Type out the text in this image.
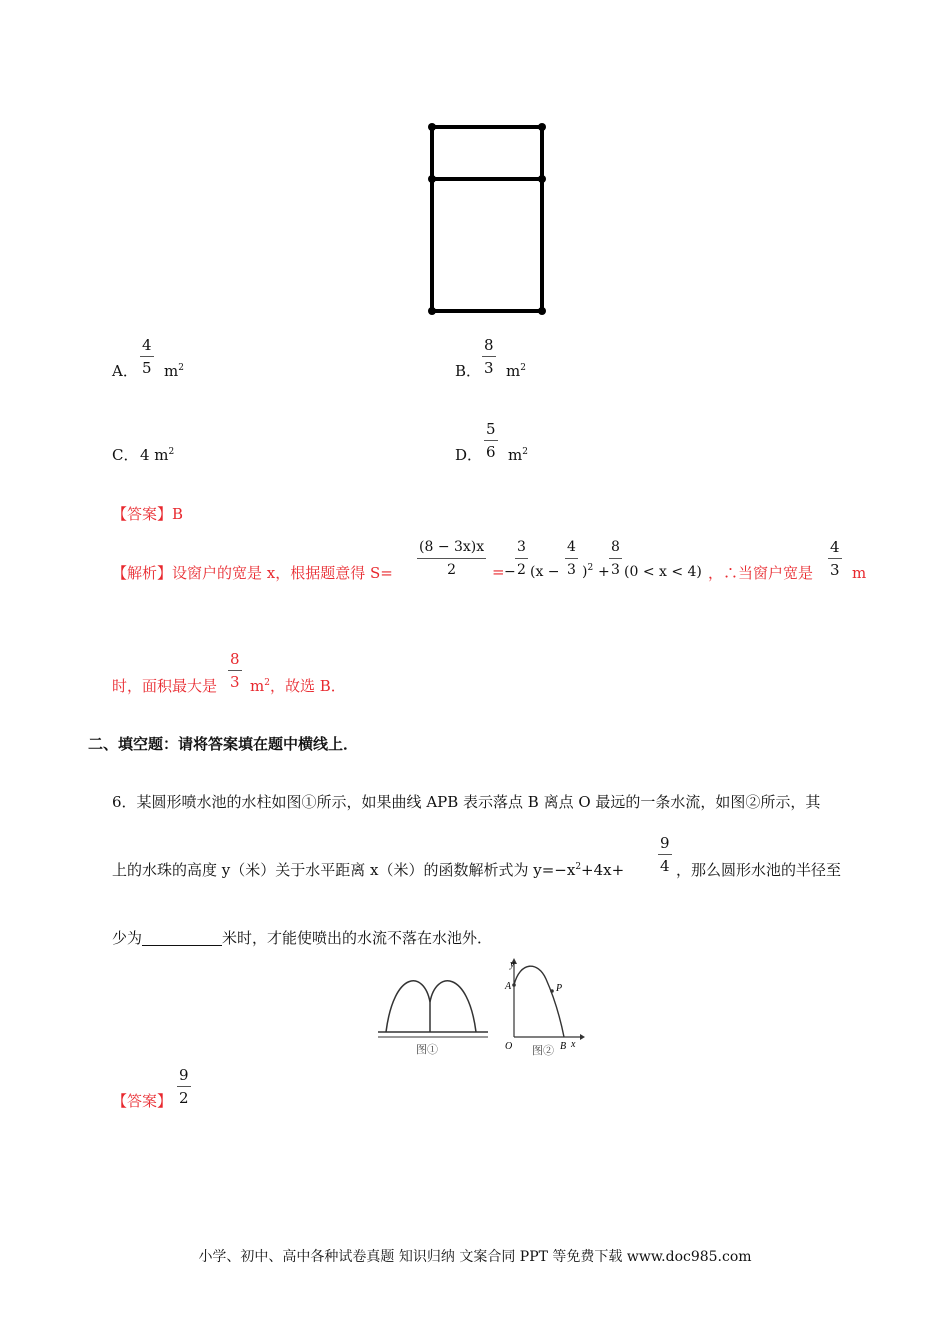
A．
4
5 $m^2$	B．
8
3 $m^2$
C． 4 $m^2$	D．
5
6 $m^2$
【答案】B
【解析】设窗户的宽是 x，根据题意得 S=
(8 − 3x)x
2	= −
3
2 (x −
4
3 )$^2$ +
8
3 (0 < x < 4) ，∴当窗户宽是
4
3 m
时，面积最大是
8
3 $m^2$，故选 B．
二、填空题：请将答案填在题中横线上．
6．某圆形喷水池的水柱如图①所示，如果曲线 APB 表示落点 B 离点 O 最远的一条水流，如图②所示，其
上的水珠的高度 y（米）关于水平距离 x（米）的函数解析式为 $y=-x^2+4x+$
9
4 ，那么圆形水池的半径至
少为	米时，才能使喷出的水流不落在水池外．
图①
y
A	P
O	B x
图②
【答案】
9
2
小学、初中、高中各种试卷真题 知识归纳 文案合同 PPT 等免费下载 www.doc985.com
